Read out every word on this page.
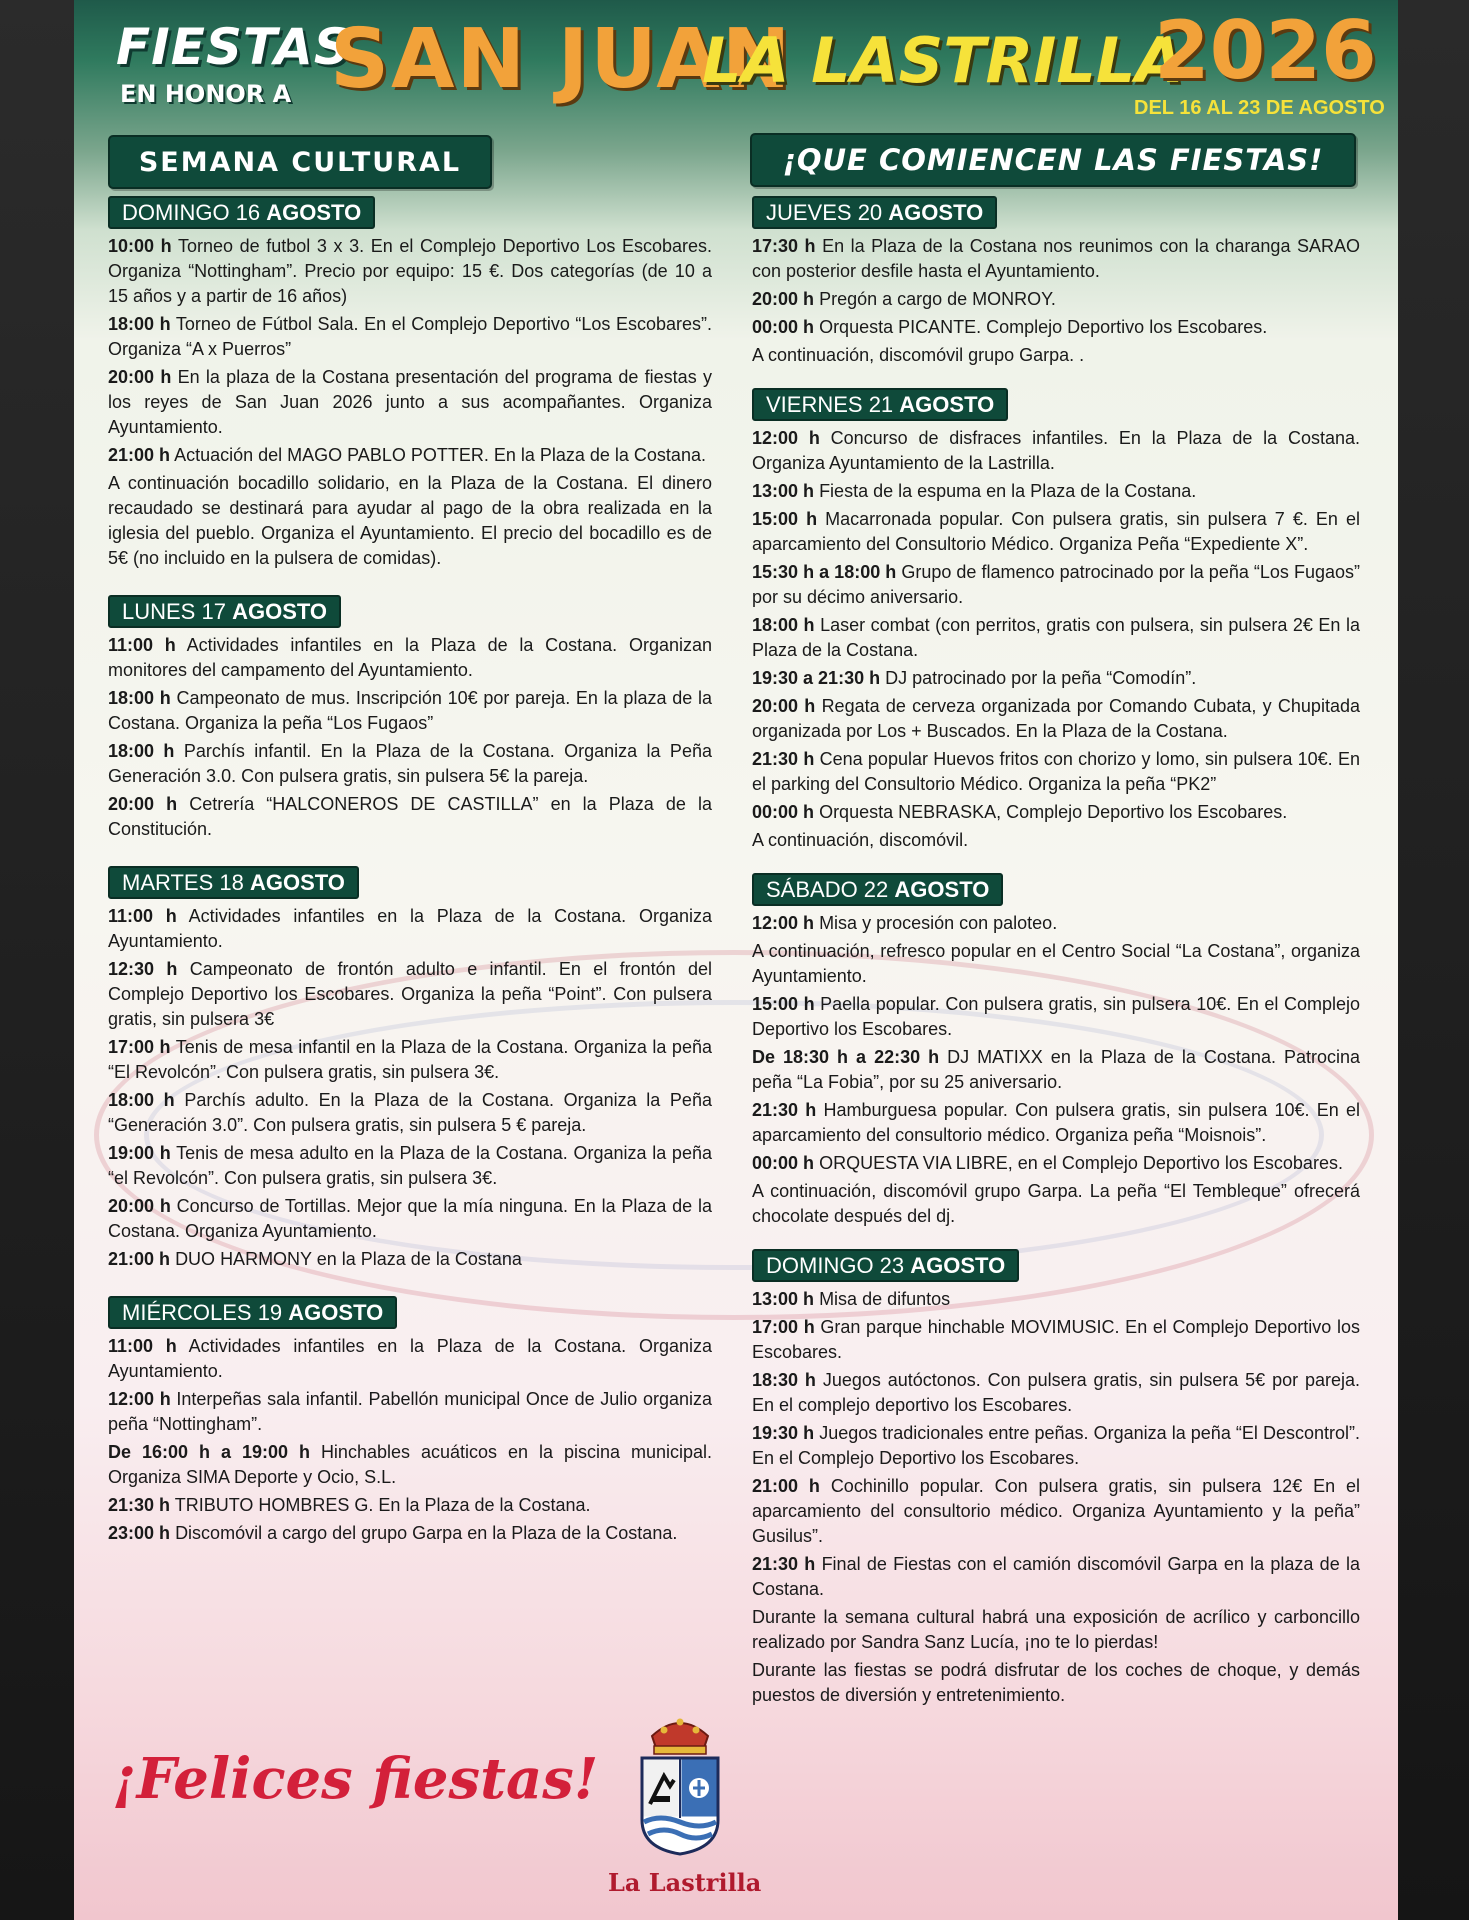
FIESTAS
EN HONOR A SAN JUAN
LA LASTRILLA
2026
DEL 16 AL 23 DE AGOSTO
SEMANA CULTURAL	¡QUE COMIENCEN LAS FIESTAS!
DOMINGO 16 AGOSTO
10:00 h Torneo de futbol 3 x 3. En el Complejo Deportivo Los Escobares. Organiza “Nottingham”. Precio por equipo: 15 €. Dos categorías (de 10 a 15 años y a partir de 16 años)
18:00 h Torneo de Fútbol Sala. En el Complejo Deportivo “Los Escobares”. Organiza “A x Puerros”
20:00 h En la plaza de la Costana presentación del programa de fiestas y los reyes de San Juan 2026 junto a sus acompañantes. Organiza Ayuntamiento.
21:00 h Actuación del MAGO PABLO POTTER. En la Plaza de la Costana.
A continuación bocadillo solidario, en la Plaza de la Costana. El dinero recaudado se destinará para ayudar al pago de la obra realizada en la iglesia del pueblo. Organiza el Ayuntamiento. El precio del bocadillo es de 5€ (no incluido en la pulsera de comidas).
LUNES 17 AGOSTO
11:00 h Actividades infantiles en la Plaza de la Costana. Organizan monitores del campamento del Ayuntamiento.
18:00 h Campeonato de mus. Inscripción 10€ por pareja. En la plaza de la Costana. Organiza la peña “Los Fugaos”
18:00 h Parchís infantil. En la Plaza de la Costana. Organiza la Peña Generación 3.0. Con pulsera gratis, sin pulsera 5€ la pareja.
20:00 h Cetrería “HALCONEROS DE CASTILLA” en la Plaza de la Constitución.
MARTES 18 AGOSTO
11:00 h Actividades infantiles en la Plaza de la Costana. Organiza Ayuntamiento.
12:30 h Campeonato de frontón adulto e infantil. En el frontón del Complejo Deportivo los Escobares. Organiza la peña “Point”. Con pulsera gratis, sin pulsera 3€
17:00 h Tenis de mesa infantil en la Plaza de la Costana. Organiza la peña “El Revolcón”. Con pulsera gratis, sin pulsera 3€.
18:00 h Parchís adulto. En la Plaza de la Costana. Organiza la Peña “Generación 3.0”. Con pulsera gratis, sin pulsera 5 € pareja.
19:00 h Tenis de mesa adulto en la Plaza de la Costana. Organiza la peña “el Revolcón”. Con pulsera gratis, sin pulsera 3€.
20:00 h Concurso de Tortillas. Mejor que la mía ninguna. En la Plaza de la Costana. Organiza Ayuntamiento.
21:00 h DUO HARMONY en la Plaza de la Costana
MIÉRCOLES 19 AGOSTO
11:00 h Actividades infantiles en la Plaza de la Costana. Organiza Ayuntamiento.
12:00 h Interpeñas sala infantil. Pabellón municipal Once de Julio organiza peña “Nottingham”.
De 16:00 h a 19:00 h Hinchables acuáticos en la piscina municipal. Organiza SIMA Deporte y Ocio, S.L.
21:30 h TRIBUTO HOMBRES G. En la Plaza de la Costana.
23:00 h Discomóvil a cargo del grupo Garpa en la Plaza de la Costana.
JUEVES 20 AGOSTO
17:30 h En la Plaza de la Costana nos reunimos con la charanga SARAO con posterior desfile hasta el Ayuntamiento.
20:00 h Pregón a cargo de MONROY.
00:00 h Orquesta PICANTE. Complejo Deportivo los Escobares.
A continuación, discomóvil grupo Garpa. .
VIERNES 21 AGOSTO
12:00 h Concurso de disfraces infantiles. En la Plaza de la Costana. Organiza Ayuntamiento de la Lastrilla.
13:00 h Fiesta de la espuma en la Plaza de la Costana.
15:00 h Macarronada popular. Con pulsera gratis, sin pulsera 7 €. En el aparcamiento del Consultorio Médico. Organiza Peña “Expediente X”.
15:30 h a 18:00 h Grupo de flamenco patrocinado por la peña “Los Fugaos” por su décimo aniversario.
18:00 h Laser combat (con perritos, gratis con pulsera, sin pulsera 2€ En la Plaza de la Costana.
19:30 a 21:30 h DJ patrocinado por la peña “Comodín”.
20:00 h Regata de cerveza organizada por Comando Cubata, y Chupitada organizada por Los + Buscados. En la Plaza de la Costana.
21:30 h Cena popular Huevos fritos con chorizo y lomo, sin pulsera 10€. En el parking del Consultorio Médico. Organiza la peña “PK2”
00:00 h Orquesta NEBRASKA, Complejo Deportivo los Escobares.
A continuación, discomóvil.
SÁBADO 22 AGOSTO
12:00 h Misa y procesión con paloteo.
A continuación, refresco popular en el Centro Social “La Costana”, organiza Ayuntamiento.
15:00 h Paella popular. Con pulsera gratis, sin pulsera 10€. En el Complejo Deportivo los Escobares.
De 18:30 h a 22:30 h DJ MATIXX en la Plaza de la Costana. Patrocina peña “La Fobia”, por su 25 aniversario.
21:30 h Hamburguesa popular. Con pulsera gratis, sin pulsera 10€. En el aparcamiento del consultorio médico. Organiza peña “Moisnois”.
00:00 h ORQUESTA VIA LIBRE, en el Complejo Deportivo los Escobares.
A continuación, discomóvil grupo Garpa. La peña “El Tembleque” ofrecerá chocolate después del dj.
DOMINGO 23 AGOSTO
13:00 h Misa de difuntos
17:00 h Gran parque hinchable MOVIMUSIC. En el Complejo Deportivo los Escobares.
18:30 h Juegos autóctonos. Con pulsera gratis, sin pulsera 5€ por pareja. En el complejo deportivo los Escobares.
19:30 h Juegos tradicionales entre peñas. Organiza la peña “El Descontrol”. En el Complejo Deportivo los Escobares.
21:00 h Cochinillo popular. Con pulsera gratis, sin pulsera 12€ En el aparcamiento del consultorio médico. Organiza Ayuntamiento y la peña” Gusilus”.
21:30 h Final de Fiestas con el camión discomóvil Garpa en la plaza de la Costana.
Durante la semana cultural habrá una exposición de acrílico y carboncillo realizado por Sandra Sanz Lucía, ¡no te lo pierdas!
Durante las fiestas se podrá disfrutar de los coches de choque, y demás puestos de diversión y entretenimiento.
¡Felices fiestas!
La Lastrilla
